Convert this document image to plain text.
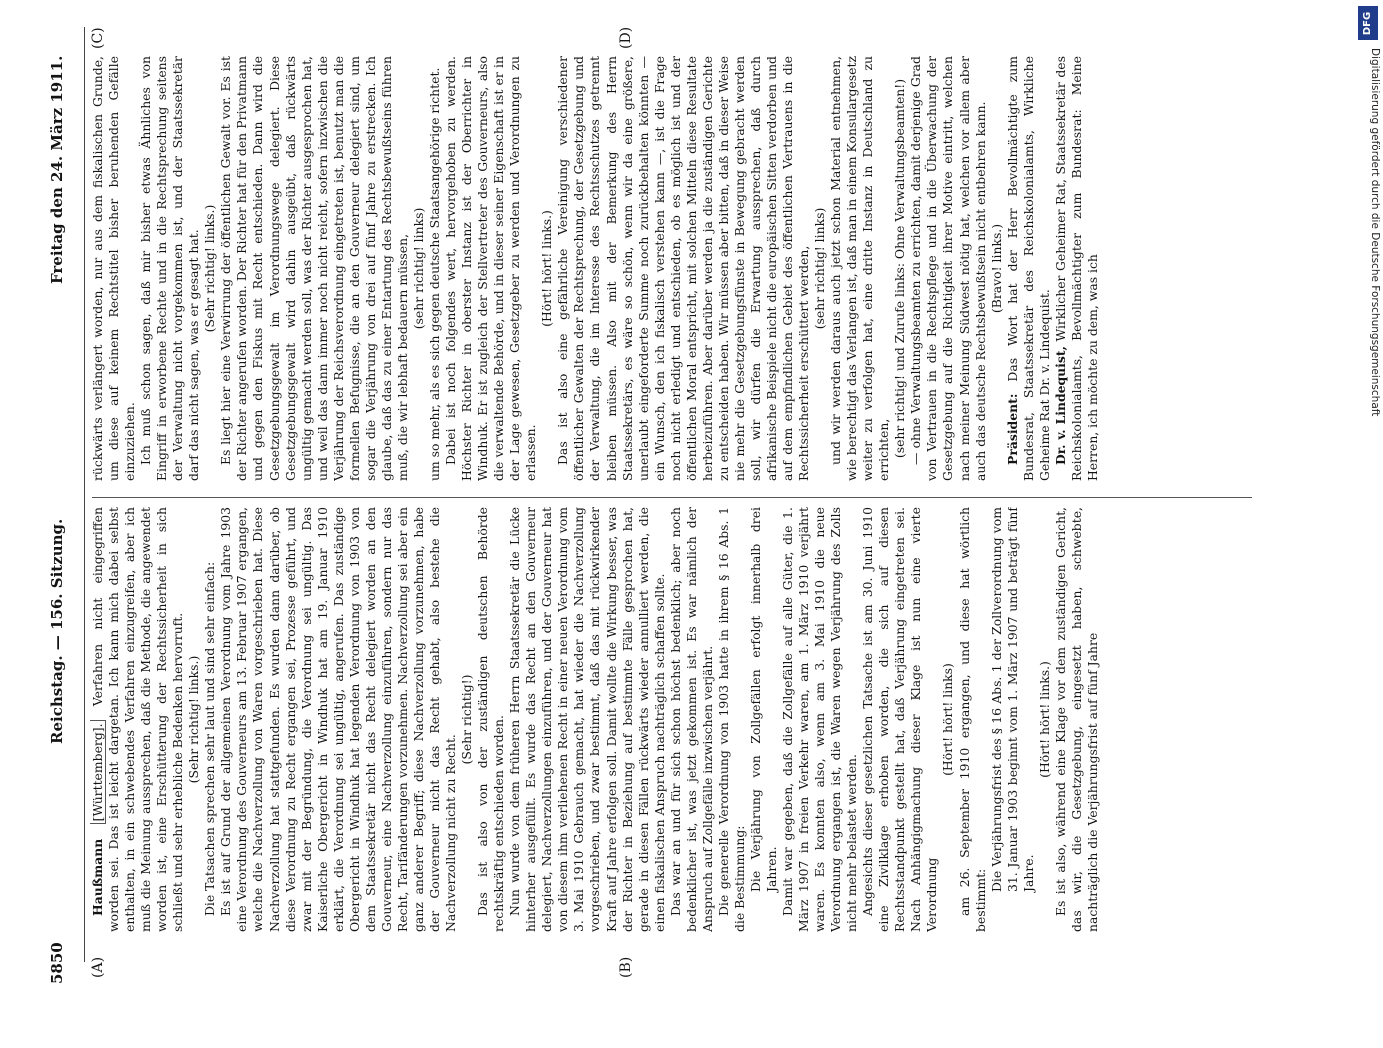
5850
Reichstag. — 156. Sitzung.
Freitag den 24. März 1911.
(A)	(B)
(C)	(D)

Haußmann [Württemberg]. Verfahren nicht eingegriffen worden sei. Das ist leicht dargetan. Ich kann mich dabei selbst enthalten, in ein schwebendes Verfahren einzugreifen, aber ich muß die Meinung aussprechen, daß die Methode, die angewendet worden ist, eine Erschütterung der Rechtssicherheit in sich schließt und sehr erhebliche Bedenken hervorruft. (Sehr richtig! links.) Die Tatsachen sprechen sehr laut und sind sehr einfach: Es ist auf Grund der allgemeinen Verordnung vom Jahre 1903 eine Verordnung des Gouverneurs am 13. Februar 1907 ergangen, welche die Nachverzollung von Waren vorgeschrieben hat. Diese Nachverzollung hat stattgefunden. Es wurden dann darüber, ob diese Verordnung zu Recht ergangen sei, Prozesse geführt, und zwar mit der Begründung, die Verordnung sei ungültig. Das Kaiserliche Obergericht in Windhuk hat am 19. Januar 1910 erklärt, die Verordnung sei ungültig, angerufen. Das zuständige Obergericht in Windhuk hat legenden Verordnung von 1903 von dem Staatssekretär nicht das Recht delegiert worden an den Gouverneur, eine Nachverzollung einzuführen, sondern nur das Recht, Tarifänderungen vorzunehmen. Nachverzollung sei aber ein ganz anderer Begriff; diese Nachverzollung vorzunehmen, habe der Gouverneur nicht das Recht gehabt, also bestehe die Nachverzollung nicht zu Recht.

(Sehr richtig!) Das ist also von der zuständigen deutschen Behörde rechtskräftig entschieden worden. Nun wurde von dem früheren Herrn Staatssekretär die Lücke hinterher ausgefüllt. Es wurde das Recht an den Gouverneur delegiert, Nachverzollungen einzuführen, und der Gouverneur hat von diesem ihm verliehenen Recht in einer neuen Verordnung vom 3. Mai 1910 Gebrauch gemacht, hat wieder die Nachverzollung vorgeschrieben, und zwar bestimmt, daß das mit rückwirkender Kraft auf Jahre erfolgen soll. Damit wollte die Wirkung besser, was der Richter in Beziehung auf bestimmte Fälle gesprochen hat, gerade in diesen Fällen rückwärts wieder annulliert werden, die einen fiskalischen Anspruch nachträglich schaffen sollte. Das war an und für sich schon höchst bedenklich; aber noch bedenklicher ist, was jetzt gekommen ist. Es war nämlich der Anspruch auf Zollgefälle inzwischen verjährt. Die generelle Verordnung von 1903 hatte in ihrem § 16 Abs. 1 die Bestimmung: Die Verjährung von Zollgefällen erfolgt innerhalb drei Jahren. Damit war gegeben, daß die Zollgefälle auf alle Güter, die 1. März 1907 in freien Verkehr waren, am 1. März 1910 verjährt waren. Es konnten also, wenn am 3. Mai 1910 die neue Verordnung ergangen ist, die Waren wegen Verjährung des Zolls nicht mehr belastet werden. Angesichts dieser gesetzlichen Tatsache ist am 30. Juni 1910 eine Zivilklage erhoben worden, die sich auf diesen Rechtsstandpunkt gestellt hat, daß Verjährung eingetreten sei. Nach Anhängigmachung dieser Klage ist nun eine vierte Verordnung

(Hört! hört! links) am 26. September 1910 ergangen, und diese hat wörtlich bestimmt:

Die Verjährungsfrist des § 16 Abs. 1 der Zollverordnung vom 31. Januar 1903 beginnt vom 1. März 1907 und beträgt fünf Jahre.

(Hört! hört! links.) Es ist also, während eine Klage vor dem zuständigen Gericht, das wir, die Gesetzgebung, eingesetzt haben, schwebte, nachträglich die Verjährungsfrist auf fünf Jahre

rückwärts verlängert worden, nur aus dem fiskalischen Grunde, um diese auf keinem Rechtstitel bisher beruhenden Gefälle einzuziehen. Ich muß schon sagen, daß mir bisher etwas Ähnliches von Eingriff in erworbene Rechte und in die Rechtsprechung seitens der Verwaltung nicht vorgekommen ist, und der Staatssekretär darf das nicht sagen, was er gesagt hat. (Sehr richtig! links.) Es liegt hier eine Verwirrung der öffentlichen Gewalt vor. Es ist der Richter angerufen worden. Der Richter hat für den Privatmann und gegen den Fiskus mit Recht entschieden. Dann wird die Gesetzgebungsgewalt im Verordnungswege delegiert. Diese Gesetzgebungsgewalt wird dahin ausgeübt, daß rückwärts ungültig gemacht werden soll, was der Richter ausgesprochen hat, und weil das dann immer noch nicht reicht, sofern inzwischen die Verjährung der Reichsverordnung eingetreten ist, benutzt man die formellen Befugnisse, die an den Gouverneur delegiert sind, um sogar die Verjährung von drei auf fünf Jahre zu erstrecken. Ich glaube, daß das zu einer Entartung des Rechtsbewußtseins führen muß, die wir lebhaft bedauern müssen, (sehr richtig! links) um so mehr, als es sich gegen deutsche Staatsangehörige richtet. Dabei ist noch folgendes wert, hervorgehoben zu werden. Höchster Richter in oberster Instanz ist der Oberrichter in Windhuk. Er ist zugleich der Stellvertreter des Gouverneurs, also die verwaltende Behörde, und in dieser seiner Eigenschaft ist er in der Lage gewesen, Gesetzgeber zu werden und Verordnungen zu erlassen.

(Hört! hört! links.) Das ist also eine gefährliche Vereinigung verschiedener öffentlicher Gewalten der Rechtsprechung, der Gesetzgebung und der Verwaltung, die im Interesse des Rechtsschutzes getrennt bleiben müssen. Also mit der Bemerkung des Herrn Staatssekretärs, es wäre so schön, wenn wir da eine größere, unerlaubt eingeforderte Summe noch zurückbehalten könnten — ein Wunsch, den ich fiskalisch verstehen kann —, ist die Frage noch nicht erledigt und entschieden, ob es möglich ist und der öffentlichen Moral entspricht, mit solchen Mitteln diese Resultate herbeizuführen. Aber darüber werden ja die zuständigen Gerichte zu entscheiden haben. Wir müssen aber bitten, daß in dieser Weise nie mehr die Gesetzgebungsfünste in Bewegung gebracht werden soll, wir dürfen die Erwartung aussprechen, daß durch afrikanische Beispiele nicht die europäischen Sitten verdorben und auf dem empfindlichen Gebiet des öffentlichen Vertrauens in die Rechtssicherheit erschüttert werden, (sehr richtig! links) und wir werden daraus auch jetzt schon Material entnehmen, wie berechtigt das Verlangen ist, daß man in einem Konsulargesetz weiter zu verfolgen hat, eine dritte Instanz in Deutschland zu errichten, (sehr richtig! und Zurufe links: Ohne Verwaltungsbeamten!) — ohne Verwaltungsbeamten zu errichten, damit derjenige Grad von Vertrauen in die Rechtspflege und in die Überwachung der Gesetzgebung auf die Richtigkeit ihrer Motive eintritt, welchen nach meiner Meinung Südwest nötig hat, welchen vor allem aber auch das deutsche Rechtsbewußtsein nicht entbehren kann. (Bravo! links.)

Präsident: Das Wort hat der Herr Bevollmächtigte zum Bundesrat, Staatssekretär des Reichskolonialamts, Wirkliche Geheime Rat Dr. v. Lindequist. Dr. v. Lindequist, Wirklicher Geheimer Rat, Staatssekretär des Reichskolonialamts, Bevollmächtigter zum Bundesrat: Meine Herren, ich möchte zu dem, was ich

DFG
Digitalisierung gefördert durch die Deutsche Forschungsgemeinschaft
